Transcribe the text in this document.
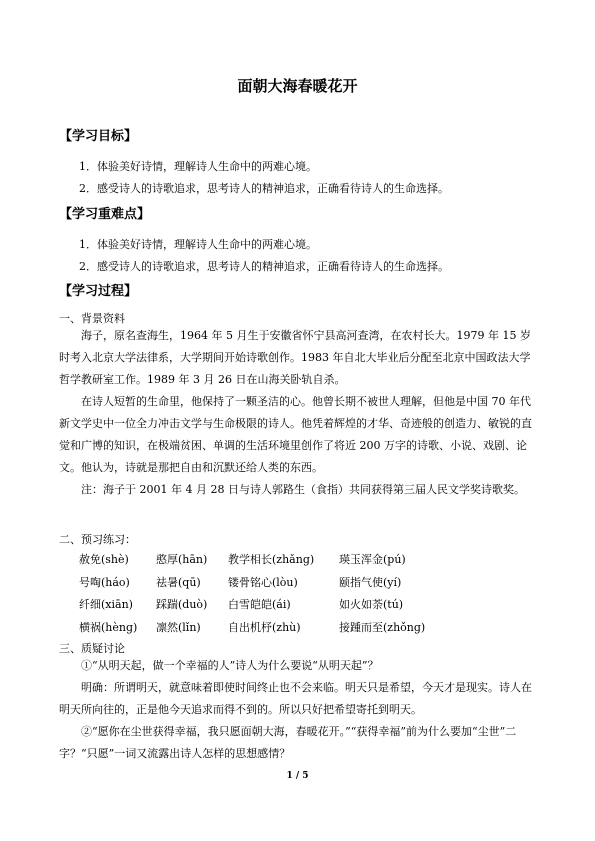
面朝大海春暖花开
【学习目标】
1．体验美好诗情，理解诗人生命中的两难心境。
2．感受诗人的诗歌追求，思考诗人的精神追求，正确看待诗人的生命选择。
【学习重难点】
1．体验美好诗情，理解诗人生命中的两难心境。
2．感受诗人的诗歌追求，思考诗人的精神追求，正确看待诗人的生命选择。
【学习过程】
一、背景资料

海子，原名查海生，1964 年 5 月生于安徽省怀宁县高河查湾，在农村长大。1979 年 15 岁时考入北京大学法律系，大学期间开始诗歌创作。1983 年自北大毕业后分配至北京中国政法大学哲学教研室工作。1989 年 3 月 26 日在山海关卧轨自杀。

在诗人短暂的生命里，他保持了一颗圣洁的心。他曾长期不被世人理解，但他是中国 70 年代新文学史中一位全力冲击文学与生命极限的诗人。他凭着辉煌的才华、奇迹般的创造力、敏锐的直觉和广博的知识，在极端贫困、单调的生活环境里创作了将近 200 万字的诗歌、小说、戏剧、论文。他认为，诗就是那把自由和沉默还给人类的东西。

注：海子于 2001 年 4 月 28 日与诗人郭路生（食指）共同获得第三届人民文学奖诗歌奖。

二、预习练习：
赦免(shè) 憨厚(hān) 教学相长(zhǎng) 瑛玉浑金(pú)
号啕(háo) 祛暑(qū) 镂骨铭心(lòu)	颐指气使(yí)
纤细(xiān) 踩踹(duò) 白雪皑皑(ái)	如火如荼(tú)
横祸(hèng) 凛然(lǐn) 自出机杼(zhù)	接踵而至(zhǒng)
三、质疑讨论

①“从明天起，做一个幸福的人”诗人为什么要说“从明天起”？

明确：所谓明天，就意味着即使时间终止也不会来临。明天只是希望，今天才是现实。诗人在明天所向往的，正是他今天追求而得不到的。所以只好把希望寄托到明天。

②“愿你在尘世获得幸福，我只愿面朝大海，春暖花开。”“获得幸福”前为什么要加“尘世”二字？“只愿”一词又流露出诗人怎样的思想感情？

1 / 5
